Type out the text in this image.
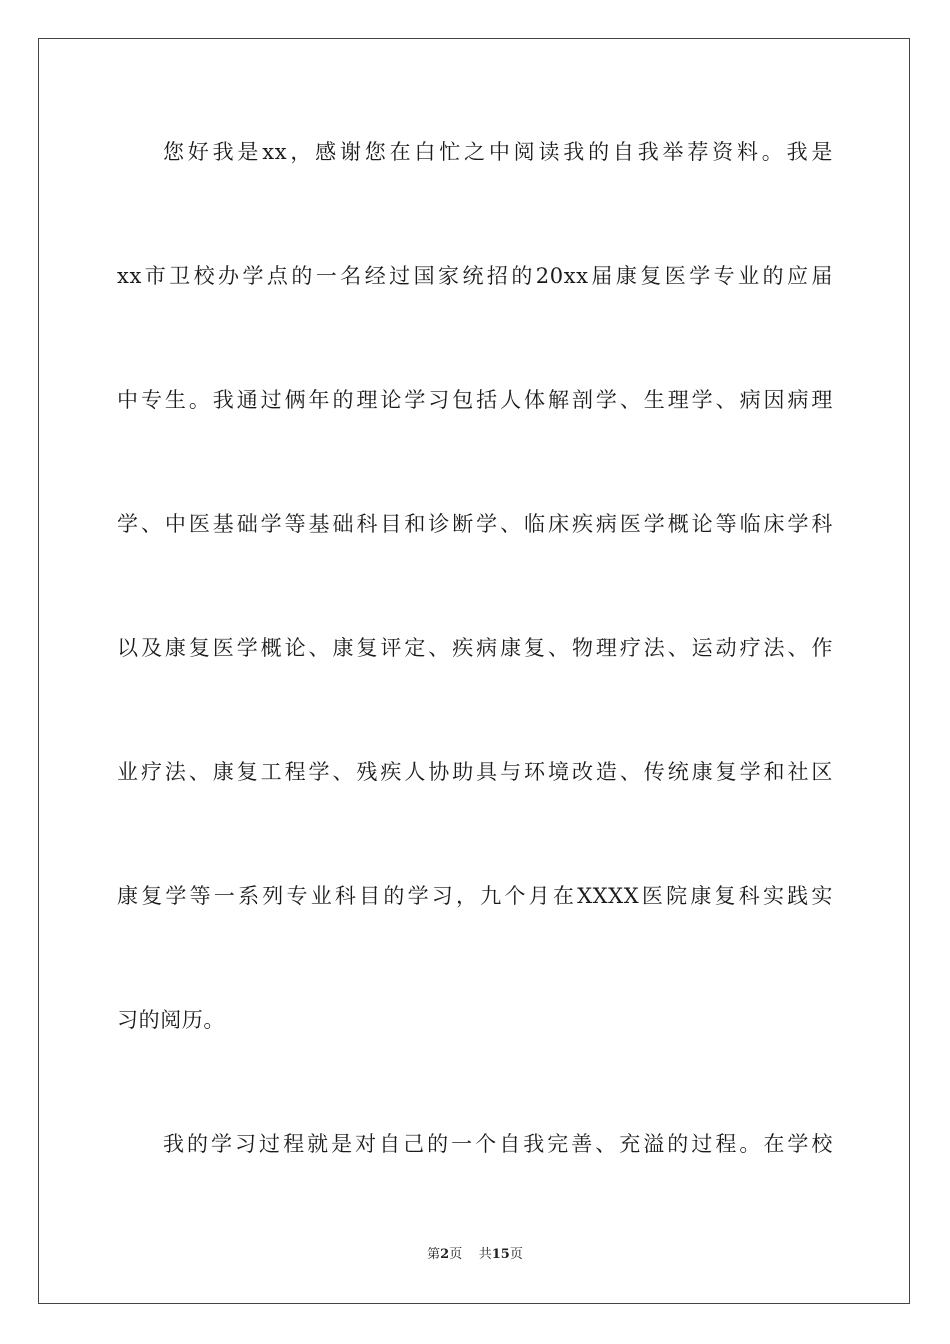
您好我是xx，感谢您在白忙之中阅读我的自我举荐资料。我是
xx市卫校办学点的一名经过国家统招的20xx届康复医学专业的应届
中专生。我通过俩年的理论学习包括人体解剖学、生理学、病因病理
学、中医基础学等基础科目和诊断学、临床疾病医学概论等临床学科
以及康复医学概论、康复评定、疾病康复、物理疗法、运动疗法、作
业疗法、康复工程学、残疾人协助具与环境改造、传统康复学和社区
康复学等一系列专业科目的学习，九个月在XXXX医院康复科实践实
习的阅历。
我的学习过程就是对自己的一个自我完善、充溢的过程。在学校
第2页 共15页
